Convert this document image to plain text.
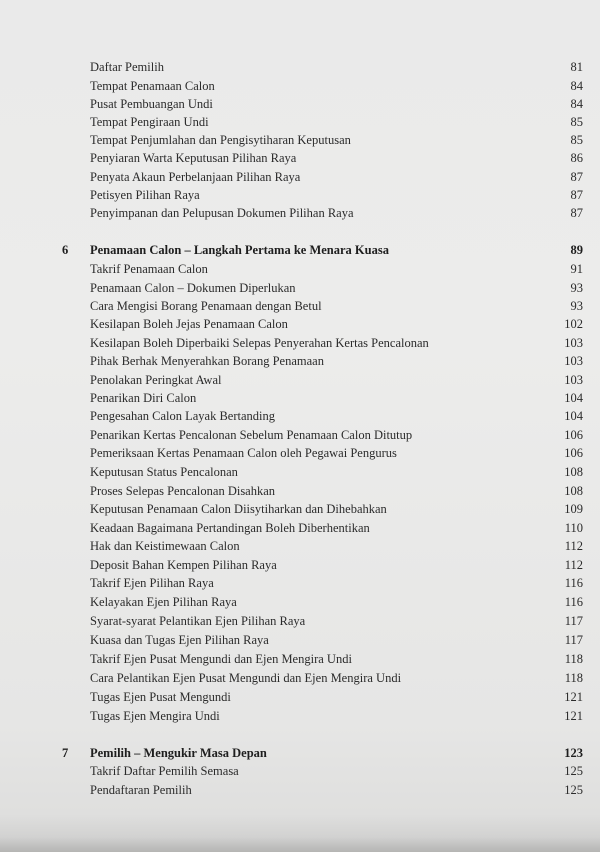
Daftar Pemilih	81
Tempat Penamaan Calon	84
Pusat Pembuangan Undi	84
Tempat Pengiraan Undi	85
Tempat Penjumlahan dan Pengisytiharan Keputusan	85
Penyiaran Warta Keputusan Pilihan Raya	86
Penyata Akaun Perbelanjaan Pilihan Raya	87
Petisyen Pilihan Raya	87
Penyimpanan dan Pelupusan Dokumen Pilihan Raya	87
6 Penamaan Calon – Langkah Pertama ke Menara Kuasa	89
Takrif Penamaan Calon	91
Penamaan Calon – Dokumen Diperlukan	93
Cara Mengisi Borang Penamaan dengan Betul	93
Kesilapan Boleh Jejas Penamaan Calon	102
Kesilapan Boleh Diperbaiki Selepas Penyerahan Kertas Pencalonan	103
Pihak Berhak Menyerahkan Borang Penamaan	103
Penolakan Peringkat Awal	103
Penarikan Diri Calon	104
Pengesahan Calon Layak Bertanding	104
Penarikan Kertas Pencalonan Sebelum Penamaan Calon Ditutup	106
Pemeriksaan Kertas Penamaan Calon oleh Pegawai Pengurus	106
Keputusan Status Pencalonan	108
Proses Selepas Pencalonan Disahkan	108
Keputusan Penamaan Calon Diisytiharkan dan Dihebahkan	109
Keadaan Bagaimana Pertandingan Boleh Diberhentikan	110
Hak dan Keistimewaan Calon	112
Deposit Bahan Kempen Pilihan Raya	112
Takrif Ejen Pilihan Raya	116
Kelayakan Ejen Pilihan Raya	116
Syarat-syarat Pelantikan Ejen Pilihan Raya	117
Kuasa dan Tugas Ejen Pilihan Raya	117
Takrif Ejen Pusat Mengundi dan Ejen Mengira Undi	118
Cara Pelantikan Ejen Pusat Mengundi dan Ejen Mengira Undi	118
Tugas Ejen Pusat Mengundi	121
Tugas Ejen Mengira Undi	121
7 Pemilih – Mengukir Masa Depan	123
Takrif Daftar Pemilih Semasa	125
Pendaftaran Pemilih	125
